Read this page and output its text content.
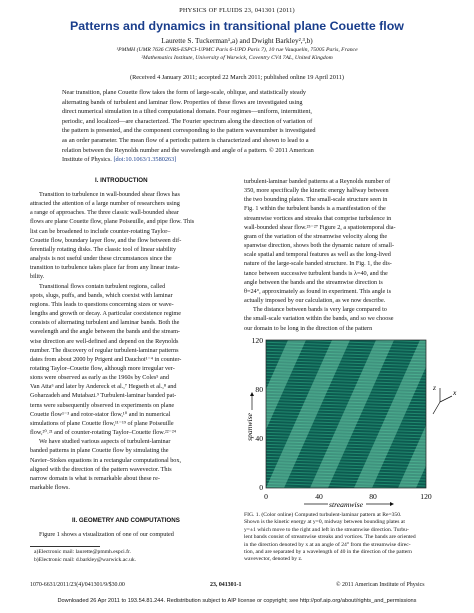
PHYSICS OF FLUIDS 23, 041301 (2011)
Patterns and dynamics in transitional plane Couette flow
Laurette S. Tuckerman¹,a) and Dwight Barkley²,³,b)
¹PMMH (UMR 7636 CNRS-ESPCI-UPMC Paris 6-UPD Paris 7), 10 rue Vauquelin, 75005 Paris, France
²Mathematics Institute, University of Warwick, Coventry CV4 7AL, United Kingdom
(Received 4 January 2011; accepted 22 March 2011; published online 19 April 2011)
Near transition, plane Couette flow takes the form of large-scale, oblique, and statistically steady
alternating bands of turbulent and laminar flow. Properties of these flows are investigated using
direct numerical simulation in a tilted computational domain. Four regimes—uniform, intermittent,
periodic, and localized—are characterized. The Fourier spectrum along the direction of variation of
the pattern is presented, and the component corresponding to the pattern wavenumber is investigated
as an order parameter. The mean flow of a periodic pattern is characterized and shown to lead to a
relation between the Reynolds number and the wavelength and angle of a pattern. © 2011 American
Institute of Physics. [doi:10.1063/1.3580263]
I. INTRODUCTION
Transition to turbulence in wall-bounded shear flows has
attracted the attention of a large number of researchers using
a range of approaches. The three classic wall-bounded shear
flows are plane Couette flow, plane Poiseuille, and pipe flow. This
list can be broadened to include counter-rotating Taylor–
Couette flow, boundary layer flow, and the flow between dif-
ferentially rotating disks. The classic tool of linear stability
analysis is not useful under these circumstances since the
transition to turbulence takes place far from any linear insta-
bility.
Transitional flows contain turbulent regions, called
spots, slugs, puffs, and bands, which coexist with laminar
regions. This leads to questions concerning sizes or wave-
lengths and growth or decay. A particular coexistence regime
consists of alternating turbulent and laminar bands. Both the
wavelength and the angle between the bands and the stream-
wise direction are well-defined and depend on the Reynolds
number. The discovery of regular turbulent-laminar patterns
dates from about 2000 by Prigent and Dauchot¹⁻⁴ in counter-
rotating Taylor–Couette flow, although more irregular ver-
sions were observed as early as the 1960s by Coles⁵ and
Van Atta⁶ and later by Andereck et al.,⁷ Hegseth et al.,⁸ and
Goharzadeh and Mutabazi.⁹ Turbulent-laminar banded pat-
terns were subsequently observed in experiments on plane
Couette flow¹⁻³ and rotor-stator flow,¹⁰ and in numerical
simulations of plane Couette flow,¹¹⁻¹⁹ of plane Poiseuille
flow,²⁰˒²¹ and of counter-rotating Taylor–Couette flow.²²⁻²⁴
We have studied various aspects of turbulent-laminar
banded patterns in plane Couette flow by simulating the
Navier–Stokes equations in a rectangular computational box,
aligned with the direction of the pattern wavevector. This
narrow domain is what is remarkable about these re-
markable flows.
II. GEOMETRY AND COMPUTATIONS
Figure 1 shows a visualization of one of our computed
turbulent-laminar banded patterns at a Reynolds number of
350, more specifically the kinetic energy halfway between
the two bounding plates. The small-scale structure seen in
Fig. 1 within the turbulent bands is a manifestation of the
streamwise vortices and streaks that comprise turbulence in
wall-bounded shear flow.²⁵⁻²⁷ Figure 2, a spatiotemporal dia-
gram of the variation of the streamwise velocity along the
spanwise direction, shows both the dynamic nature of small-
scale spatial and temporal features as well as the long-lived
nature of the large-scale banded structure. In Fig. 1, the dis-
tance between successive turbulent bands is λ=40, and the
angle between the bands and the streamwise direction is
θ=24°, approximately as found in experiment. This angle is
actually imposed by our calculation, as we now describe.
The distance between bands is very large compared to
the small-scale variation within the bands, and so we choose
our domain to be long in the direction of the pattern
120
80
40
0
spanwise
0	40	80	120
streamwise
z
x
FIG. 1. (Color online) Computed turbulent-laminar pattern at Re=350.
Shown is the kinetic energy at y=0, midway between bounding plates at
y=±1 which move to the right and left in the streamwise direction. Turbu-
lent bands consist of streamwise streaks and vortices. The bands are oriented
in the direction denoted by x at an angle of 24° from the streamwise direc-
tion, and are separated by a wavelength of 40 in the direction of the pattern
wavevector, denoted by z.
a)Electronic mail: laurette@pmmh.espci.fr.
b)Electronic mail: d.barkley@warwick.ac.uk.
1070-6631/2011/23(4)/041301/9/$30.00	23, 041301-1	© 2011 American Institute of Physics
Downloaded 26 Apr 2011 to 193.54.81.244. Redistribution subject to AIP license or copyright; see http://pof.aip.org/about/rights_and_permissions
